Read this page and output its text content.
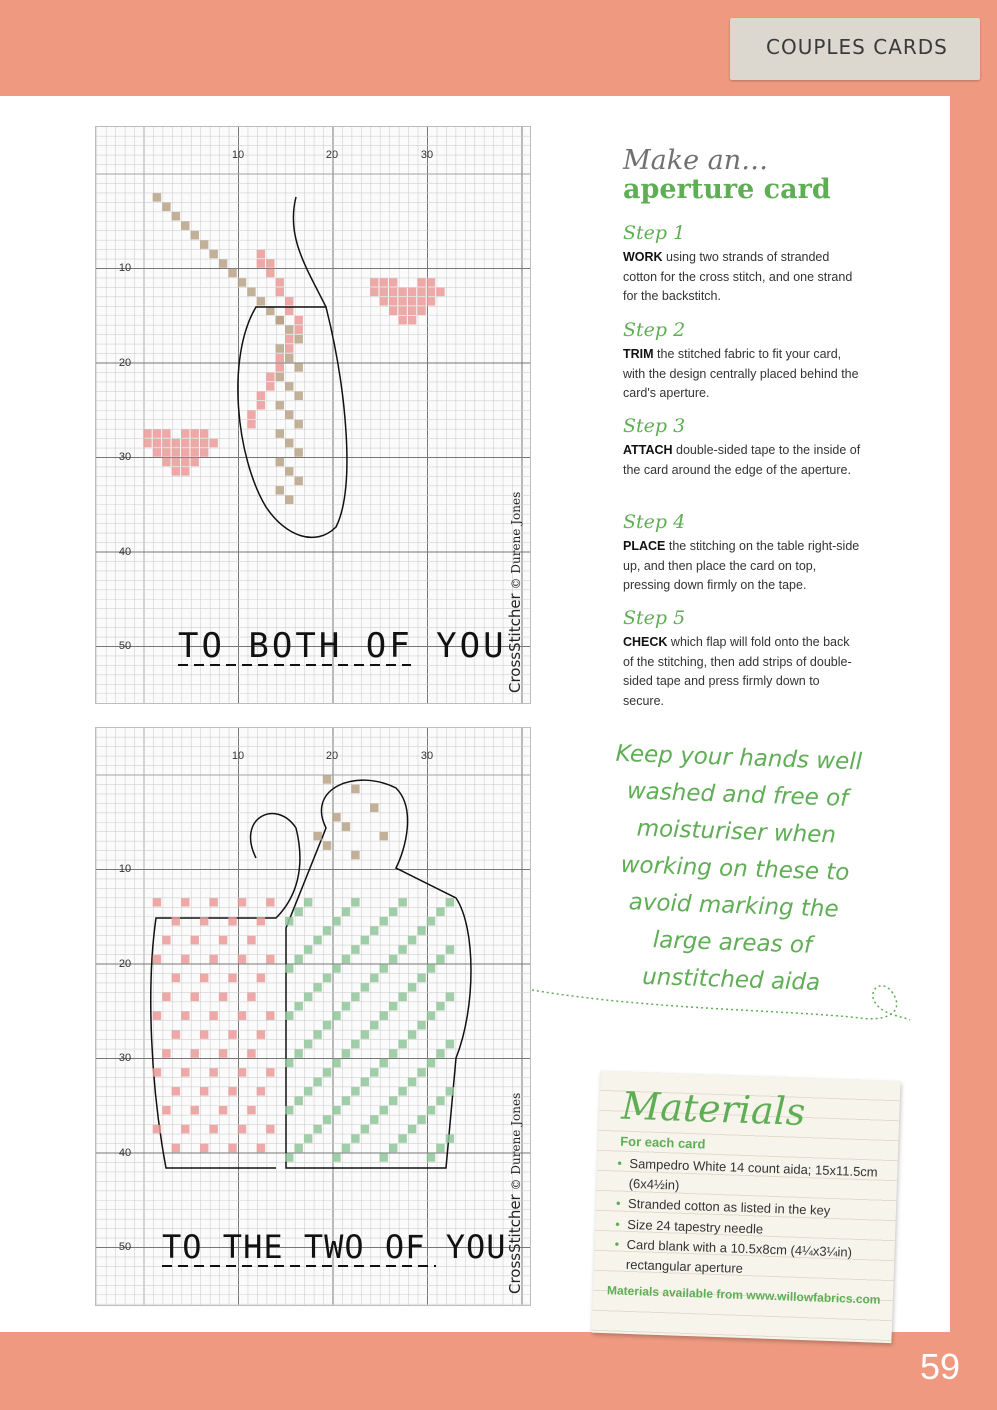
COUPLES CARDS
10	20	30
10
20
30
40
50 TO BOTH OF YOU CrossStitcher © Durene Jones
10	20	30
10
20
30
40
50 TO THE TWO OF YOU CrossStitcher © Durene Jones
Make an…
aperture card
Step 1
WORK using two strands of stranded cotton for the cross stitch, and one strand for the backstitch.
Step 2
TRIM the stitched fabric to fit your card, with the design centrally placed behind the card's aperture.
Step 3
ATTACH double-sided tape to the inside of the card around the edge of the aperture.
Step 4
PLACE the stitching on the table right-side up, and then place the card on top, pressing down firmly on the tape.
Step 5
CHECK which flap will fold onto the back of the stitching, then add strips of double-sided tape and press firmly down to secure.
Keep your hands well washed and free of moisturiser when working on these to avoid marking the large areas of unstitched aida
Materials
For each card
• Sampedro White 14 count aida; 15x11.5cm (6x4½in)
• Stranded cotton as listed in the key
• Size 24 tapestry needle
• Card blank with a 10.5x8cm (4¼x3¼in) rectangular aperture
Materials available from www.willowfabrics.com
59
